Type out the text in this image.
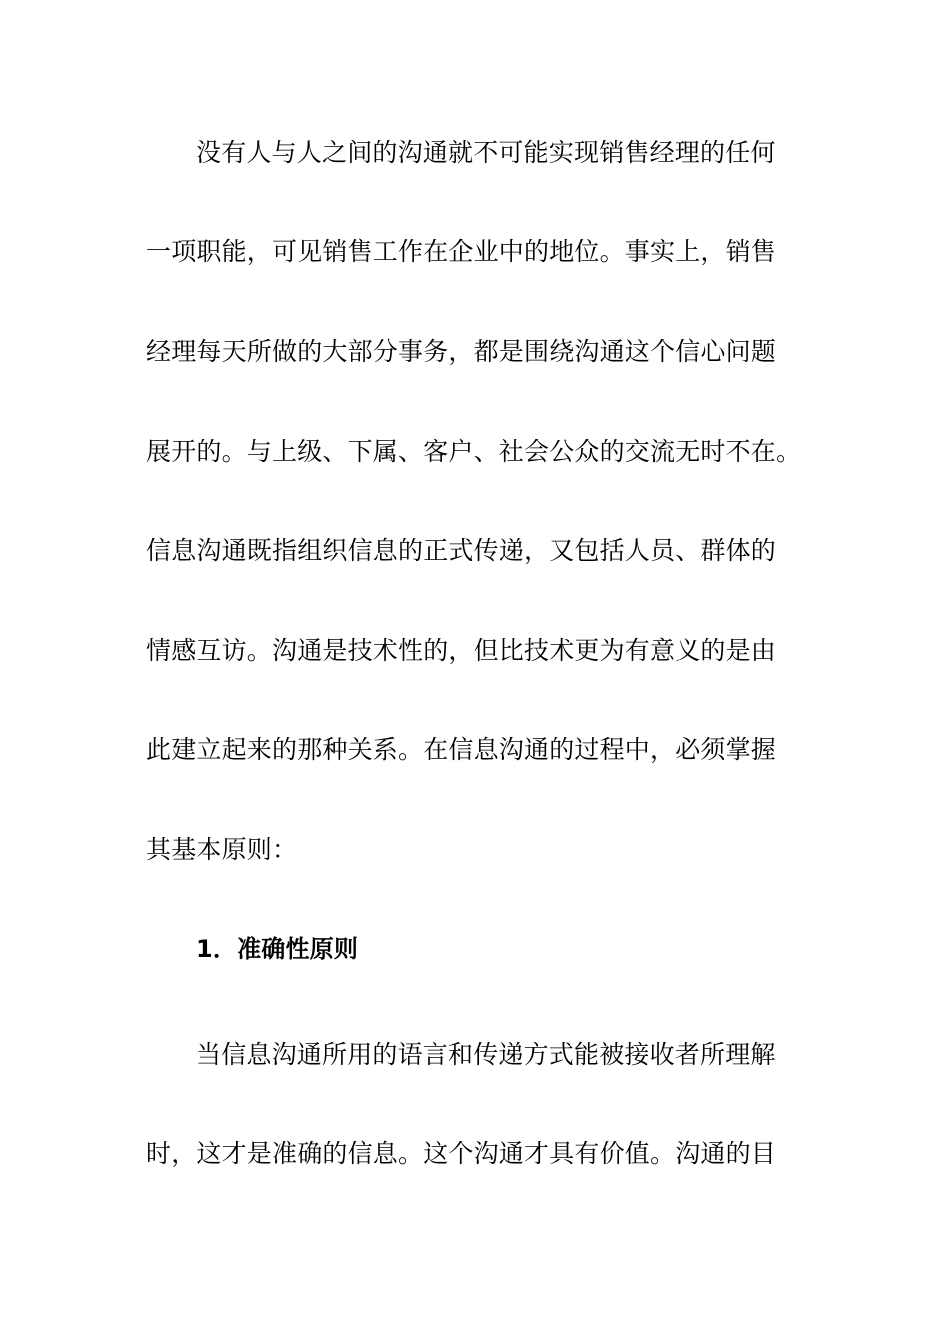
没有人与人之间的沟通就不可能实现销售经理的任何
一项职能，可见销售工作在企业中的地位。事实上，销售
经理每天所做的大部分事务，都是围绕沟通这个信心问题
展开的。与上级、下属、客户、社会公众的交流无时不在。
信息沟通既指组织信息的正式传递，又包括人员、群体的
情感互访。沟通是技术性的，但比技术更为有意义的是由
此建立起来的那种关系。在信息沟通的过程中，必须掌握
其基本原则：
1．准确性原则
当信息沟通所用的语言和传递方式能被接收者所理解
时，这才是准确的信息。这个沟通才具有价值。沟通的目
